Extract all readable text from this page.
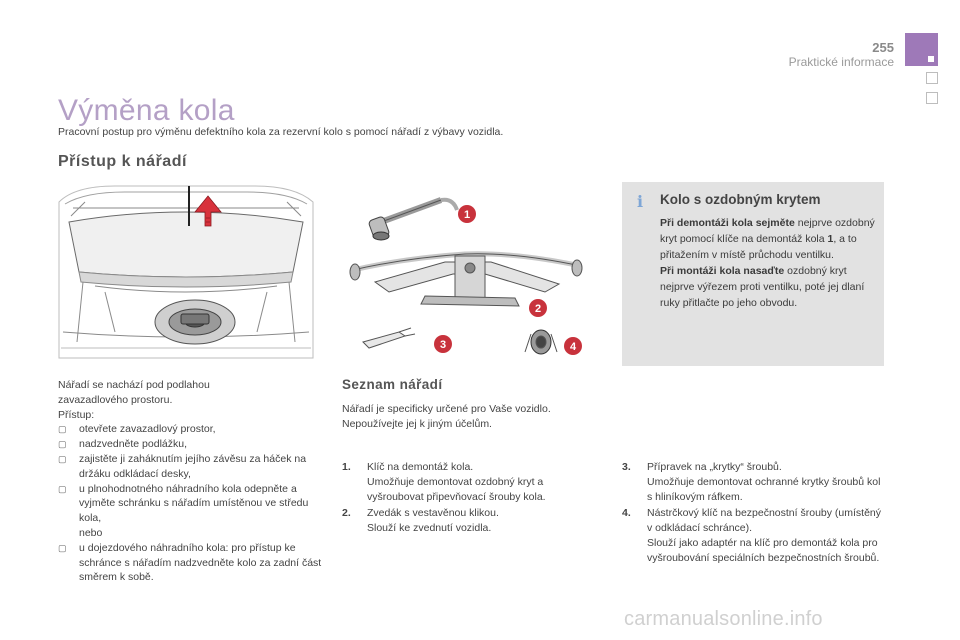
255
Praktické informace
Výměna kola
Pracovní postup pro výměnu defektního kola za rezervní kolo s pomocí nářadí z výbavy vozidla.
Přístup k nářadí
1
2
3	4
Nářadí se nachází pod podlahou
zavazadlového prostoru.
Přístup:
▢ otevřete zavazadlový prostor,
▢ nadzvedněte podlážku,
▢ zajistěte ji zaháknutím jejího závěsu za háček na držáku odkládací desky,
▢ u plnohodnotného náhradního kola odepněte a vyjměte schránku s nářadím umístěnou ve středu kola,
nebo
▢ u dojezdového náhradního kola: pro přístup ke schránce s nářadím nadzvedněte kolo za zadní část směrem k sobě.
Seznam nářadí
Nářadí je specificky určené pro Vaše vozidlo.
Nepoužívejte jej k jiným účelům.
1. Klíč na demontáž kola.
Umožňuje demontovat ozdobný kryt a vyšroubovat připevňovací šrouby kola.
2. Zvedák s vestavěnou klikou.
Slouží ke zvednutí vozidla.
3. Přípravek na „krytky“ šroubů.
Umožňuje demontovat ochranné krytky šroubů kol s hliníkovým ráfkem.
4. Nástrčkový klíč na bezpečnostní šrouby (umístěný v odkládací schránce).
Slouží jako adaptér na klíč pro demontáž kola pro vyšroubování speciálních bezpečnostních šroubů.
i	Kolo s ozdobným krytem
Při demontáži kola sejměte nejprve ozdobný kryt pomocí klíče na demontáž kola 1, a to přitažením v místě průchodu ventilku.
Při montáži kola nasaďte ozdobný kryt nejprve výřezem proti ventilku, poté jej dlaní ruky přitlačte po jeho obvodu.
carmanualsonline.info
